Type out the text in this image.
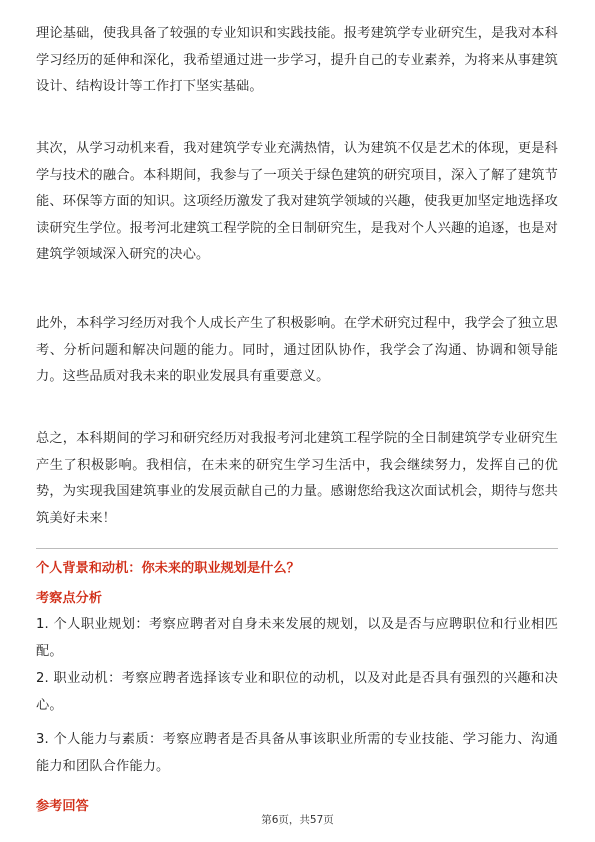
理论基础，使我具备了较强的专业知识和实践技能。报考建筑学专业研究生，是我对本科学习经历的延伸和深化，我希望通过进一步学习，提升自己的专业素养，为将来从事建筑设计、结构设计等工作打下坚实基础。

其次，从学习动机来看，我对建筑学专业充满热情，认为建筑不仅是艺术的体现，更是科学与技术的融合。本科期间，我参与了一项关于绿色建筑的研究项目，深入了解了建筑节能、环保等方面的知识。这项经历激发了我对建筑学领域的兴趣，使我更加坚定地选择攻读研究生学位。报考河北建筑工程学院的全日制研究生，是我对个人兴趣的追逐，也是对建筑学领域深入研究的决心。

此外，本科学习经历对我个人成长产生了积极影响。在学术研究过程中，我学会了独立思考、分析问题和解决问题的能力。同时，通过团队协作，我学会了沟通、协调和领导能力。这些品质对我未来的职业发展具有重要意义。

总之，本科期间的学习和研究经历对我报考河北建筑工程学院的全日制建筑学专业研究生产生了积极影响。我相信，在未来的研究生学习生活中，我会继续努力，发挥自己的优势，为实现我国建筑事业的发展贡献自己的力量。感谢您给我这次面试机会，期待与您共筑美好未来！

个人背景和动机：你未来的职业规划是什么？

考察点分析

1. 个人职业规划：考察应聘者对自身未来发展的规划，以及是否与应聘职位和行业相匹配。

2. 职业动机：考察应聘者选择该专业和职位的动机，以及对此是否具有强烈的兴趣和决心。

3. 个人能力与素质：考察应聘者是否具备从事该职业所需的专业技能、学习能力、沟通能力和团队合作能力。

参考回答

第6页，共57页
